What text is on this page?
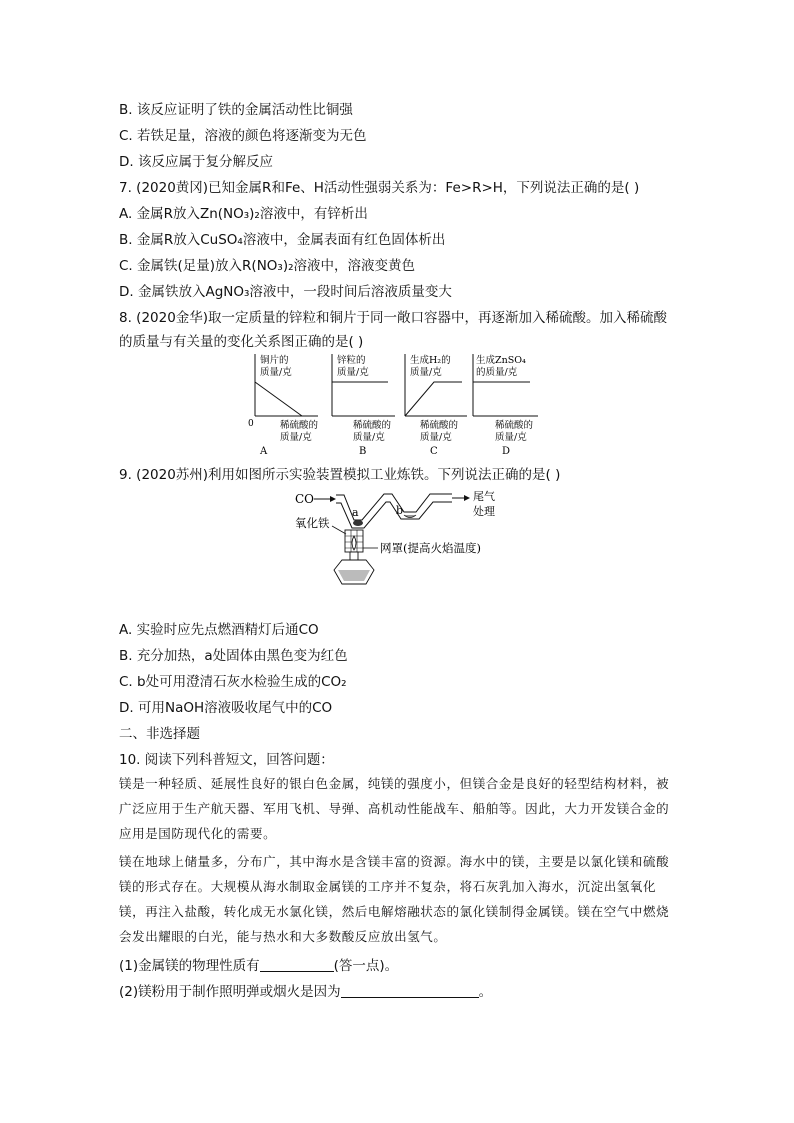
B. 该反应证明了铁的金属活动性比铜强
C. 若铁足量，溶液的颜色将逐渐变为无色
D. 该反应属于复分解反应
7. (2020黄冈)已知金属R和Fe、H活动性强弱关系为：Fe>R>H，下列说法正确的是( )
A. 金属R放入Zn(NO₃)₂溶液中，有锌析出
B. 金属R放入CuSO₄溶液中，金属表面有红色固体析出
C. 金属铁(足量)放入R(NO₃)₂溶液中，溶液变黄色
D. 金属铁放入AgNO₃溶液中，一段时间后溶液质量变大
8. (2020金华)取一定质量的锌粒和铜片于同一敞口容器中，再逐渐加入稀硫酸。加入稀硫酸
的质量与有关量的变化关系图正确的是( )
铜片的
质量/克
0	稀硫酸的
质量/克
A
锌粒的
质量/克
稀硫酸的
质量/克
B
生成H₂的
质量/克
稀硫酸的
质量/克
C
生成ZnSO₄
的质量/克
稀硫酸的
质量/克
D
9. (2020苏州)利用如图所示实验装置模拟工业炼铁。下列说法正确的是( )
CO
a	b
尾气
处理
氧化铁
网罩(提高火焰温度)
A. 实验时应先点燃酒精灯后通CO
B. 充分加热，a处固体由黑色变为红色
C. b处可用澄清石灰水检验生成的CO₂
D. 可用NaOH溶液吸收尾气中的CO
二、非选择题
10. 阅读下列科普短文，回答问题：
镁是一种轻质、延展性良好的银白色金属，纯镁的强度小，但镁合金是良好的轻型结构材料，被广泛应用于生产航天器、军用飞机、导弹、高机动性能战车、船舶等。因此，大力开发镁合金的应用是国防现代化的需要。
镁在地球上储量多，分布广，其中海水是含镁丰富的资源。海水中的镁，主要是以氯化镁和硫酸镁的形式存在。大规模从海水制取金属镁的工序并不复杂，将石灰乳加入海水，沉淀出氢氧化镁，再注入盐酸，转化成无水氯化镁，然后电解熔融状态的氯化镁制得金属镁。镁在空气中燃烧会发出耀眼的白光，能与热水和大多数酸反应放出氢气。
(1)金属镁的物理性质有	(答一点)。
(2)镁粉用于制作照明弹或烟火是因为	。
